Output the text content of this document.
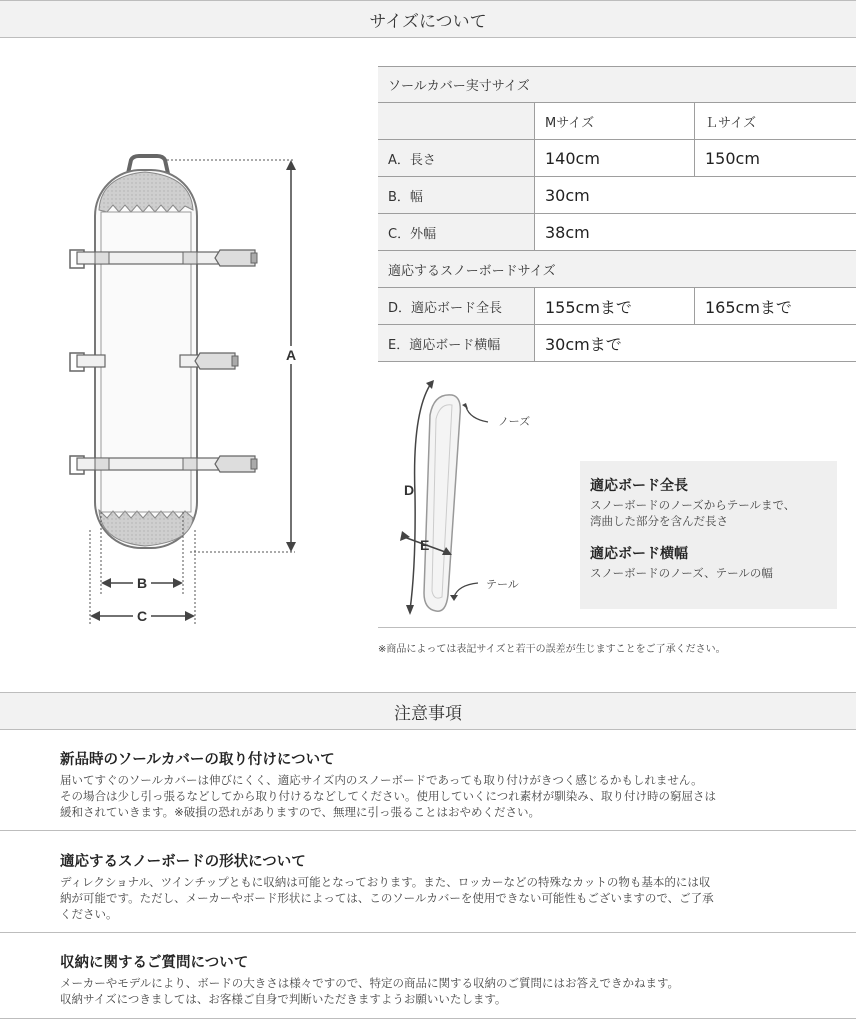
サイズについて
A
B
C
ソールカバー実寸サイズ
Mサイズ	Ｌサイズ
A．長さ	140cm	150cm
B．幅	30cm
C．外幅	38cm
適応するスノーボードサイズ
D．適応ボード全長	155cmまで	165cmまで
E．適応ボード横幅	30cmまで
D
E
ノーズ
テール
適応ボード全長
スノーボードのノーズからテールまで、
湾曲した部分を含んだ長さ
適応ボード横幅
スノーボードのノーズ、テールの幅
※商品によっては表記サイズと若干の誤差が生じますことをご了承ください。
注意事項
新品時のソールカバーの取り付けについて
届いてすぐのソールカバーは伸びにくく、適応サイズ内のスノーボードであっても取り付けがきつく感じるかもしれません。
その場合は少し引っ張るなどしてから取り付けるなどしてください。使用していくにつれ素材が馴染み、取り付け時の窮屈さは
緩和されていきます。※破損の恐れがありますので、無理に引っ張ることはおやめください。
適応するスノーボードの形状について
ディレクショナル、ツインチップともに収納は可能となっております。また、ロッカーなどの特殊なカットの物も基本的には収
納が可能です。ただし、メーカーやボード形状によっては、このソールカバーを使用できない可能性もございますので、ご了承
ください。
収納に関するご質問について
メーカーやモデルにより、ボードの大きさは様々ですので、特定の商品に関する収納のご質問にはお答えできかねます。
収納サイズにつきましては、お客様ご自身で判断いただきますようお願いいたします。
